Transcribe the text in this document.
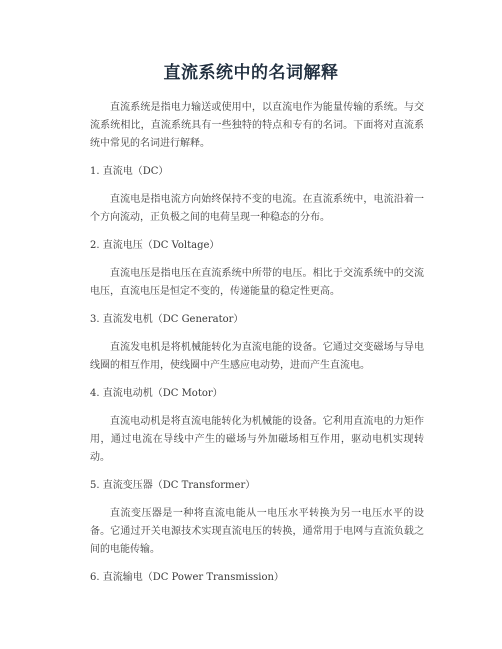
直流系统中的名词解释

直流系统是指电力输送或使用中，以直流电作为能量传输的系统。与交流系统相比，直流系统具有一些独特的特点和专有的名词。下面将对直流系统中常见的名词进行解释。

1. 直流电（DC）

直流电是指电流方向始终保持不变的电流。在直流系统中，电流沿着一个方向流动，正负极之间的电荷呈现一种稳态的分布。

2. 直流电压（DC Voltage）

直流电压是指电压在直流系统中所带的电压。相比于交流系统中的交流电压，直流电压是恒定不变的，传递能量的稳定性更高。

3. 直流发电机（DC Generator）

直流发电机是将机械能转化为直流电能的设备。它通过交变磁场与导电线圈的相互作用，使线圈中产生感应电动势，进而产生直流电。

4. 直流电动机（DC Motor）

直流电动机是将直流电能转化为机械能的设备。它利用直流电的力矩作用，通过电流在导线中产生的磁场与外加磁场相互作用，驱动电机实现转动。

5. 直流变压器（DC Transformer）

直流变压器是一种将直流电能从一电压水平转换为另一电压水平的设备。它通过开关电源技术实现直流电压的转换，通常用于电网与直流负载之间的电能传输。

6. 直流输电（DC Power Transmission）
